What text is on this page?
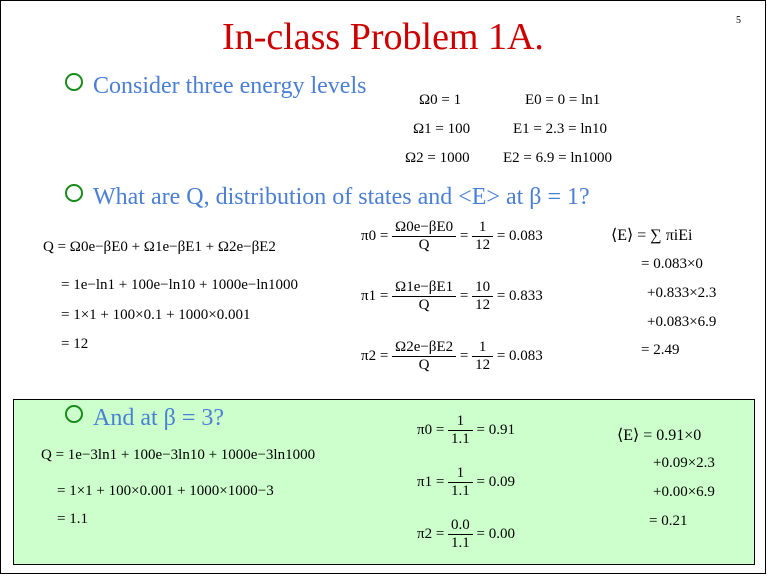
In-class Problem 1A.	5
Consider three energy levels
Ω0 = 1
Ω1 = 100
Ω2 = 1000
E0 = 0 = ln1
E1 = 2.3 = ln10
E2 = 6.9 = ln1000
What are Q, distribution of states and <E> at β = 1?
Q = Ω0e−βE0 + Ω1e−βE1 + Ω2e−βE2
= 1e−ln1 + 100e−ln10 + 1000e−ln1000
= 1×1 + 100×0.1 + 1000×0.001
= 12
$\pi 0 = \frac{\Omega 0e-\beta E0}{Q} = \frac{1}{12} = 0.083$
$\pi 1 = \frac{\Omega 1e-\beta E1}{Q} = \frac{10}{12} = 0.833$
$\pi 2 = \frac{\Omega 2e-\beta E2}{Q} = \frac{1}{12} = 0.083$
⟨E⟩ = ∑ πiEi
= 0.083×0
+0.833×2.3
+0.083×6.9
= 2.49
And at β = 3?
Q = 1e−3ln1 + 100e−3ln10 + 1000e−3ln1000
= 1×1 + 100×0.001 + 1000×1000−3
= 1.1
$\pi 0 = \frac{1}{1.1} = 0.91$
$\pi 1 = \frac{1}{1.1} = 0.09$
$\pi 2 = \frac{0.0}{1.1} = 0.00$
⟨E⟩ = 0.91×0
+0.09×2.3
+0.00×6.9
= 0.21
